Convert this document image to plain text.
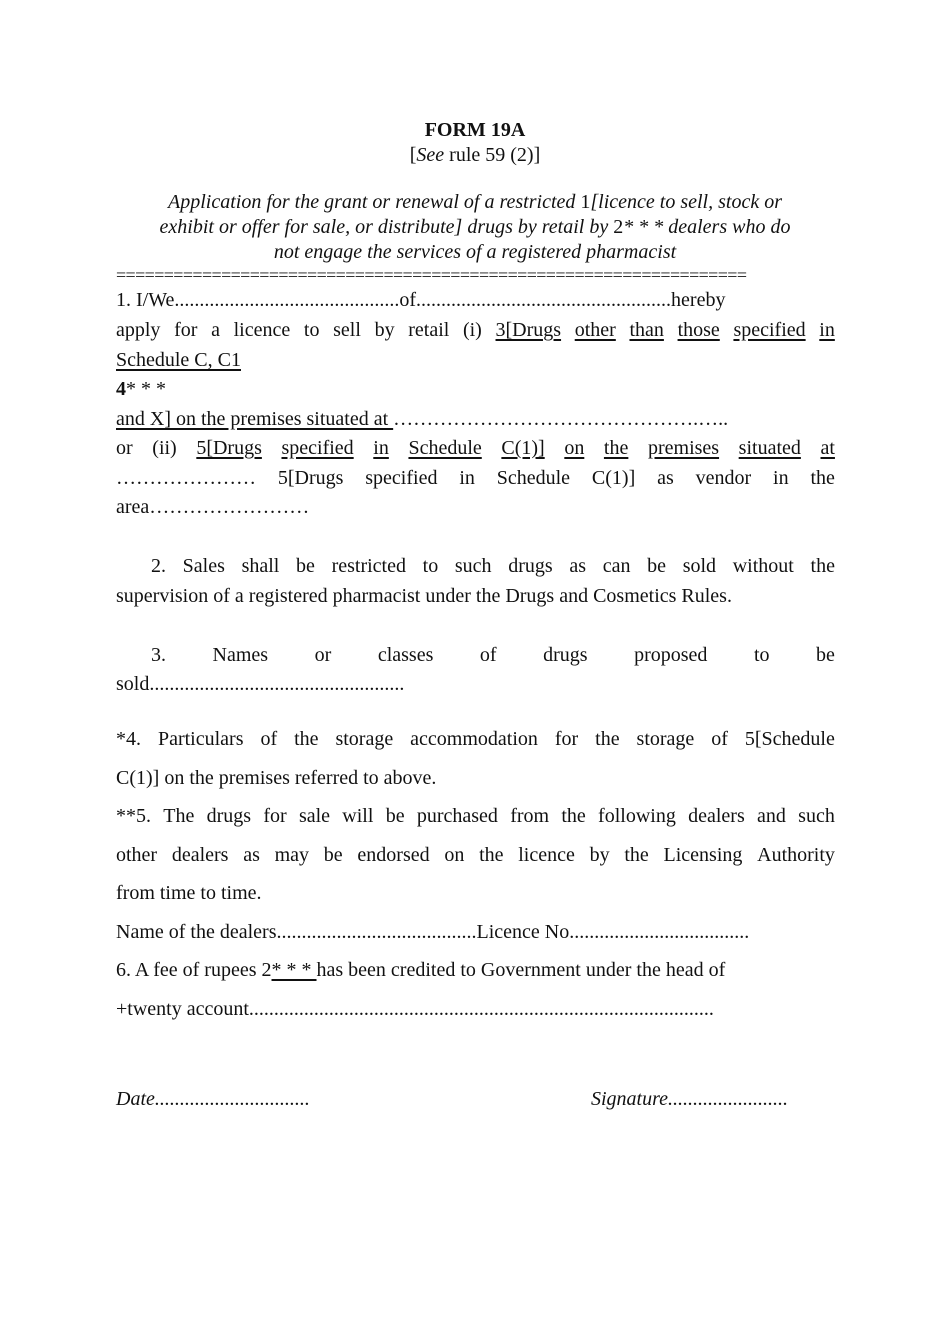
FORM 19A
[See rule 59 (2)]
Application for the grant or renewal of a restricted 1[licence to sell, stock or
exhibit or offer for sale, or distribute] drugs by retail by 2* * * dealers who do
not engage the services of a registered pharmacist
==================================================================
1. I/We.............................................of...................................................hereby
apply for a licence to sell by retail (i) 3[Drugs other than those specified in
Schedule C, C1
4* * *
and X] on the premises situated at ……………………………………….…..
or (ii) 5[Drugs specified in Schedule C(1)] on the premises situated at
………………… 5[Drugs specified in Schedule C(1)] as vendor in the
area……………………
2. Sales shall be restricted to such drugs as can be sold without the
supervision of a registered pharmacist under the Drugs and Cosmetics Rules.
3. Names or classes of drugs proposed to be
sold...................................................
*4. Particulars of the storage accommodation for the storage of 5[Schedule
C(1)] on the premises referred to above.
**5. The drugs for sale will be purchased from the following dealers and such
other dealers as may be endorsed on the licence by the Licensing Authority
from time to time.
Name of the dealers........................................Licence No....................................
6. A fee of rupees 2* * * has been credited to Government under the head of
+twenty account.............................................................................................
Date...............................	Signature........................
